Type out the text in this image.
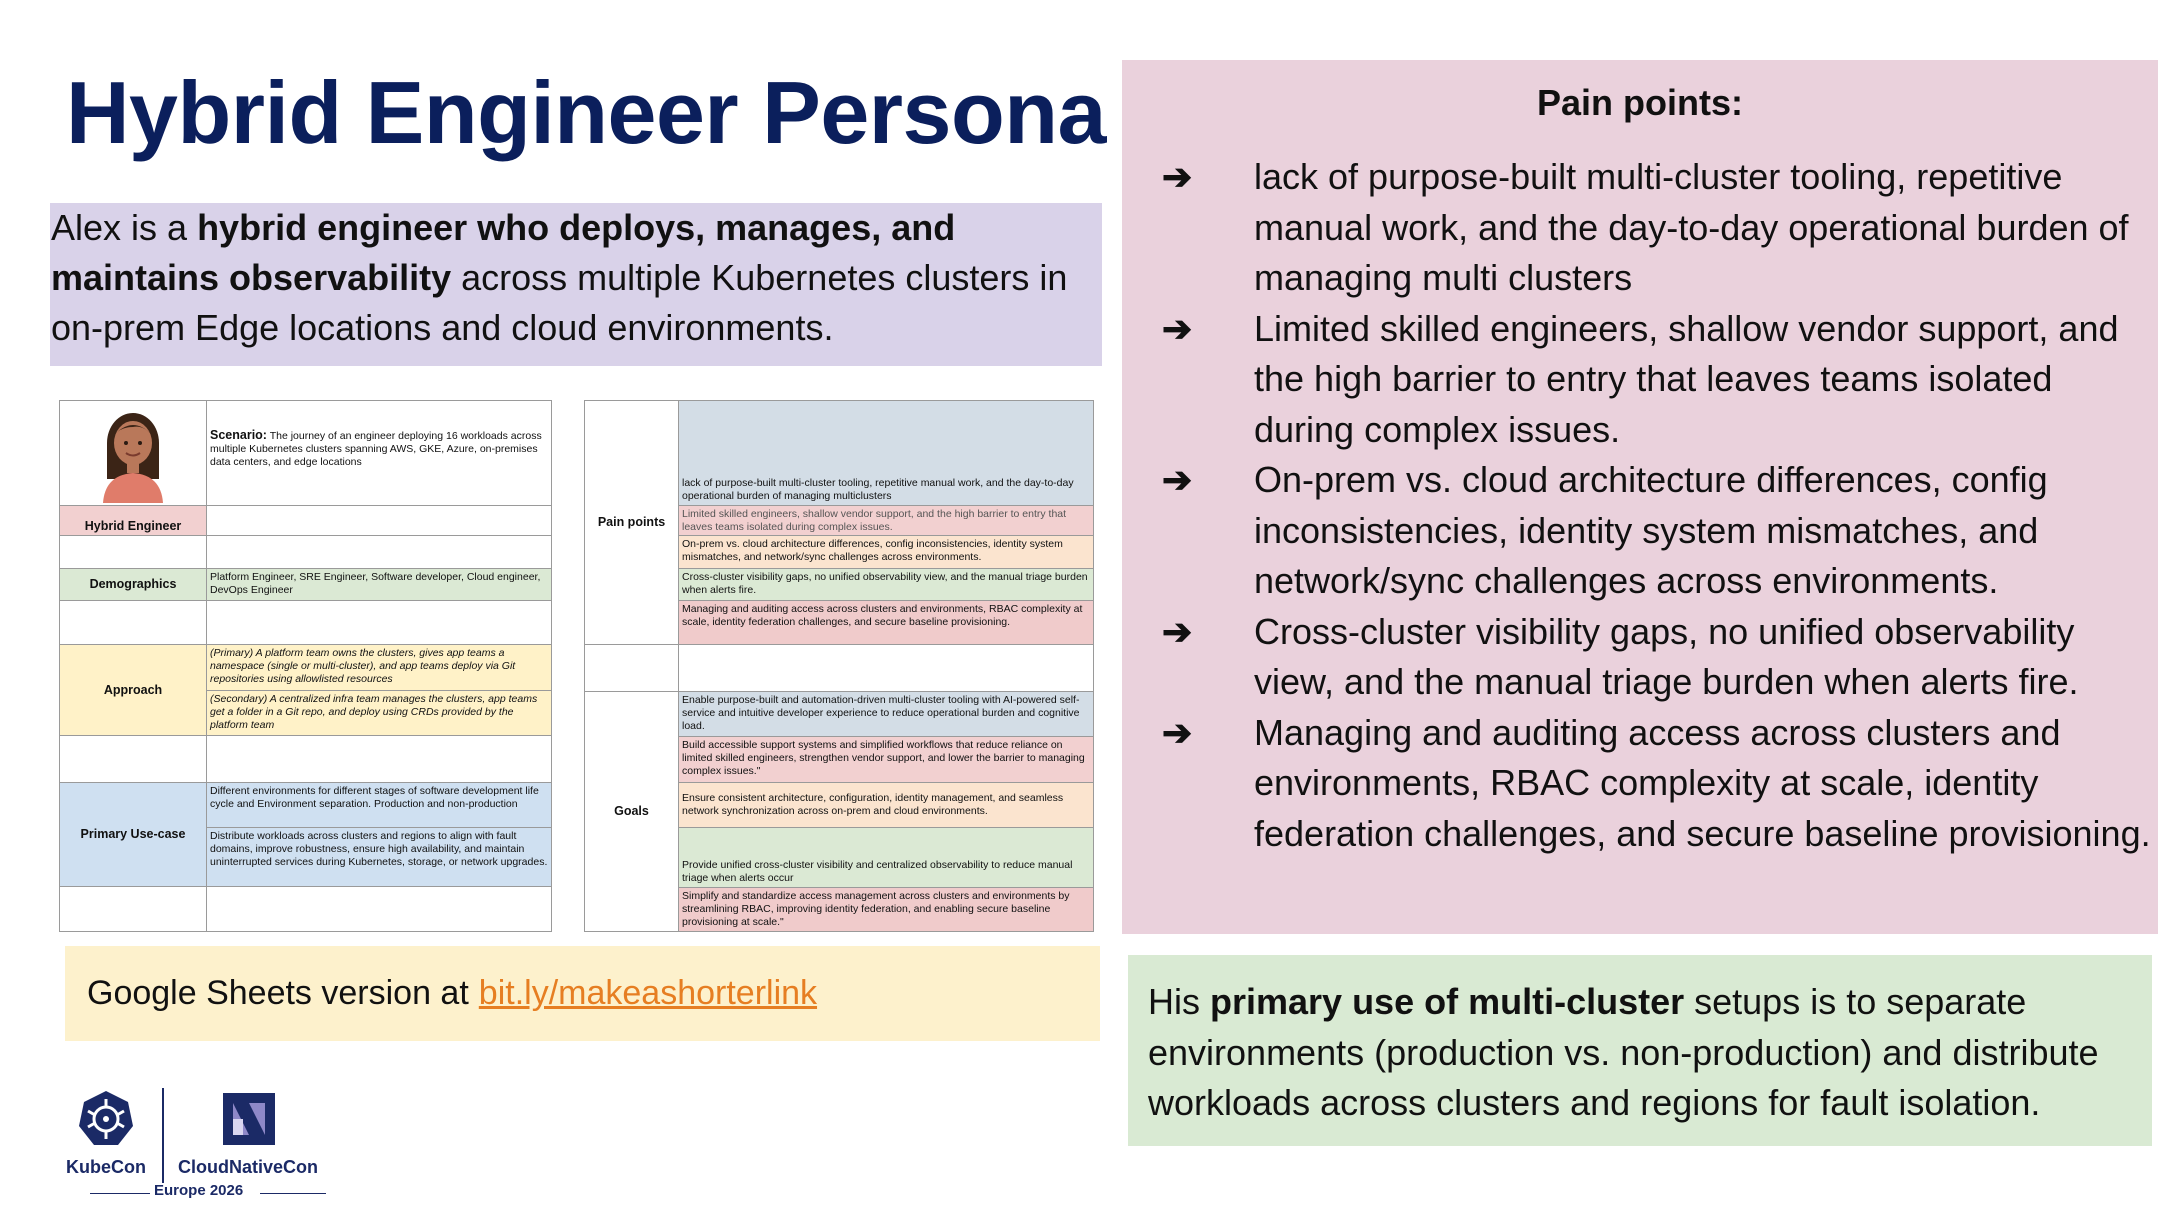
Hybrid Engineer Persona
Alex is a hybrid engineer who deploys, manages, and maintains observability across multiple Kubernetes clusters in on-prem Edge locations and cloud environments.
Scenario: The journey of an engineer deploying 16 workloads across multiple Kubernetes clusters spanning AWS, GKE, Azure, on-premises data centers, and edge locations
Hybrid Engineer
Demographics	Platform Engineer, SRE Engineer, Software developer, Cloud engineer, DevOps Engineer
Approach
(Primary) A platform team owns the clusters, gives app teams a namespace (single or multi-cluster), and app teams deploy via Git repositories using allowlisted resources
(Secondary) A centralized infra team manages the clusters, app teams get a folder in a Git repo, and deploy using CRDs provided by the platform team
Primary Use-case
Different environments for different stages of software development life cycle and Environment separation. Production and non-production
Distribute workloads across clusters and regions to align with fault domains, improve robustness, ensure high availability, and maintain uninterrupted services during Kubernetes, storage, or network upgrades.
Pain points
lack of purpose-built multi-cluster tooling, repetitive manual work, and the day-to-day operational burden of managing multiclusters
Limited skilled engineers, shallow vendor support, and the high barrier to entry that leaves teams isolated during complex issues.
On-prem vs. cloud architecture differences, config inconsistencies, identity system mismatches, and network/sync challenges across environments.
Cross-cluster visibility gaps, no unified observability view, and the manual triage burden when alerts fire.
Managing and auditing access across clusters and environments, RBAC complexity at scale, identity federation challenges, and secure baseline provisioning.
Goals
Enable purpose-built and automation-driven multi-cluster tooling with AI-powered self-service and intuitive developer experience to reduce operational burden and cognitive load.
Build accessible support systems and simplified workflows that reduce reliance on limited skilled engineers, strengthen vendor support, and lower the barrier to managing complex issues."
Ensure consistent architecture, configuration, identity management, and seamless network synchronization across on-prem and cloud environments.
Provide unified cross-cluster visibility and centralized observability to reduce manual triage when alerts occur
Simplify and standardize access management across clusters and environments by streamlining RBAC, improving identity federation, and enabling secure baseline provisioning at scale."
Google Sheets version at bit.ly/makeashorterlink
Pain points:
➔ lack of purpose-built multi-cluster tooling, repetitive manual work, and the day-to-day operational burden of managing multi clusters
➔ Limited skilled engineers, shallow vendor support, and the high barrier to entry that leaves teams isolated during complex issues.
➔ On-prem vs. cloud architecture differences, config inconsistencies, identity system mismatches, and network/sync challenges across environments.
➔ Cross-cluster visibility gaps, no unified observability view, and the manual triage burden when alerts fire.
➔ Managing and auditing access across clusters and environments, RBAC complexity at scale, identity federation challenges, and secure baseline provisioning.
His primary use of multi-cluster setups is to separate environments (production vs. non-production) and distribute workloads across clusters and regions for fault isolation.
KubeCon CloudNativeCon
Europe 2026
